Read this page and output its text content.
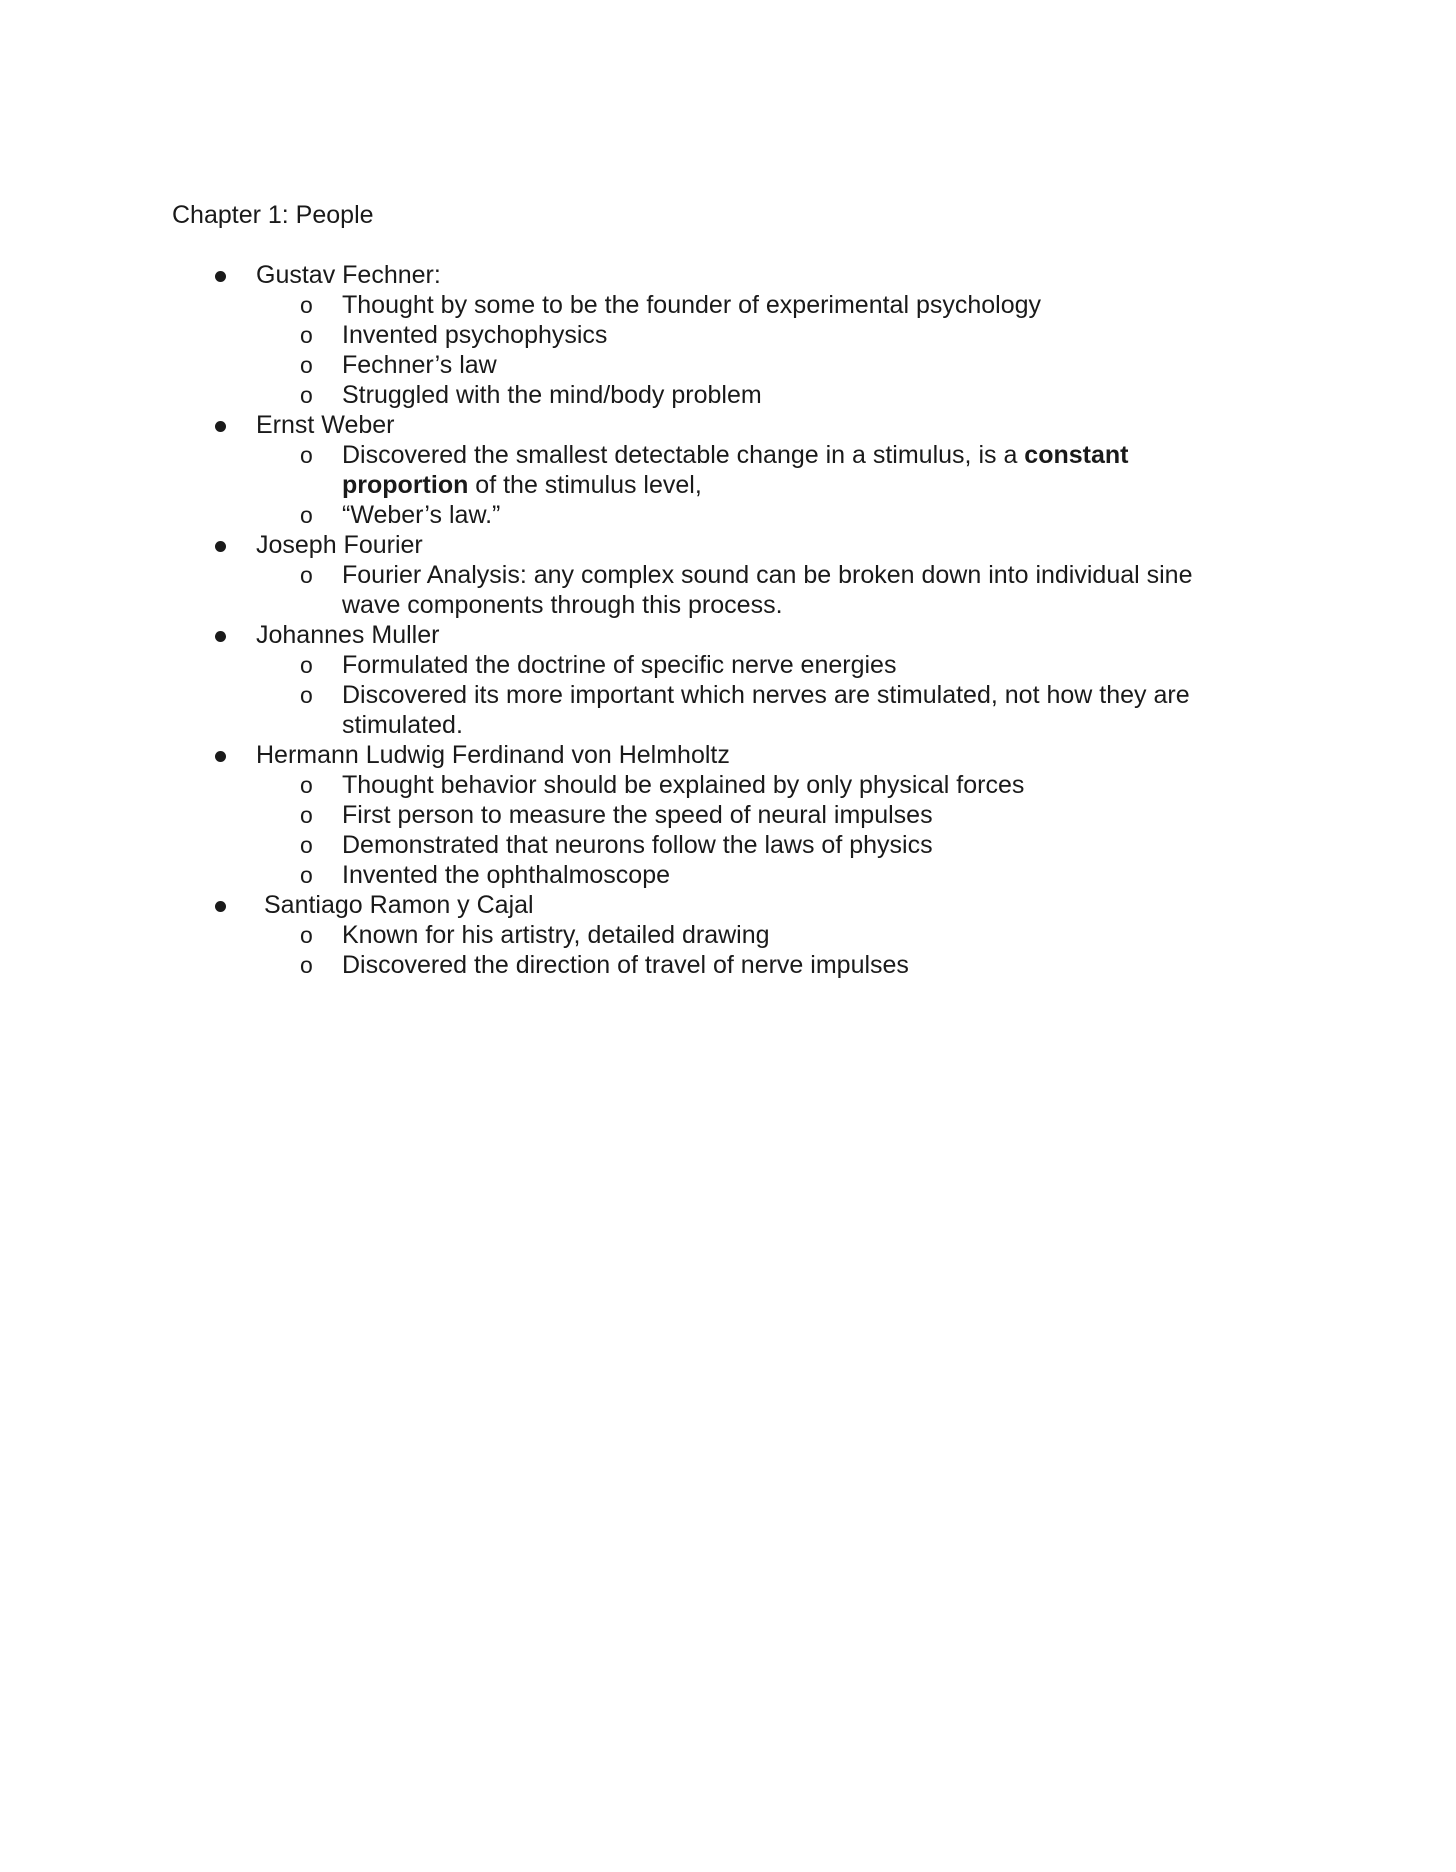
Chapter 1: People
Gustav Fechner:
o Thought by some to be the founder of experimental psychology
o Invented psychophysics
o Fechner’s law
o Struggled with the mind/body problem
Ernst Weber
o Discovered the smallest detectable change in a stimulus, is a constant proportion of the stimulus level,
o “Weber’s law.”
Joseph Fourier
o Fourier Analysis: any complex sound can be broken down into individual sine wave components through this process.
Johannes Muller
o Formulated the doctrine of specific nerve energies
o Discovered its more important which nerves are stimulated, not how they are stimulated.
Hermann Ludwig Ferdinand von Helmholtz
o Thought behavior should be explained by only physical forces
o First person to measure the speed of neural impulses
o Demonstrated that neurons follow the laws of physics
o Invented the ophthalmoscope
Santiago Ramon y Cajal
o Known for his artistry, detailed drawing
o Discovered the direction of travel of nerve impulses
